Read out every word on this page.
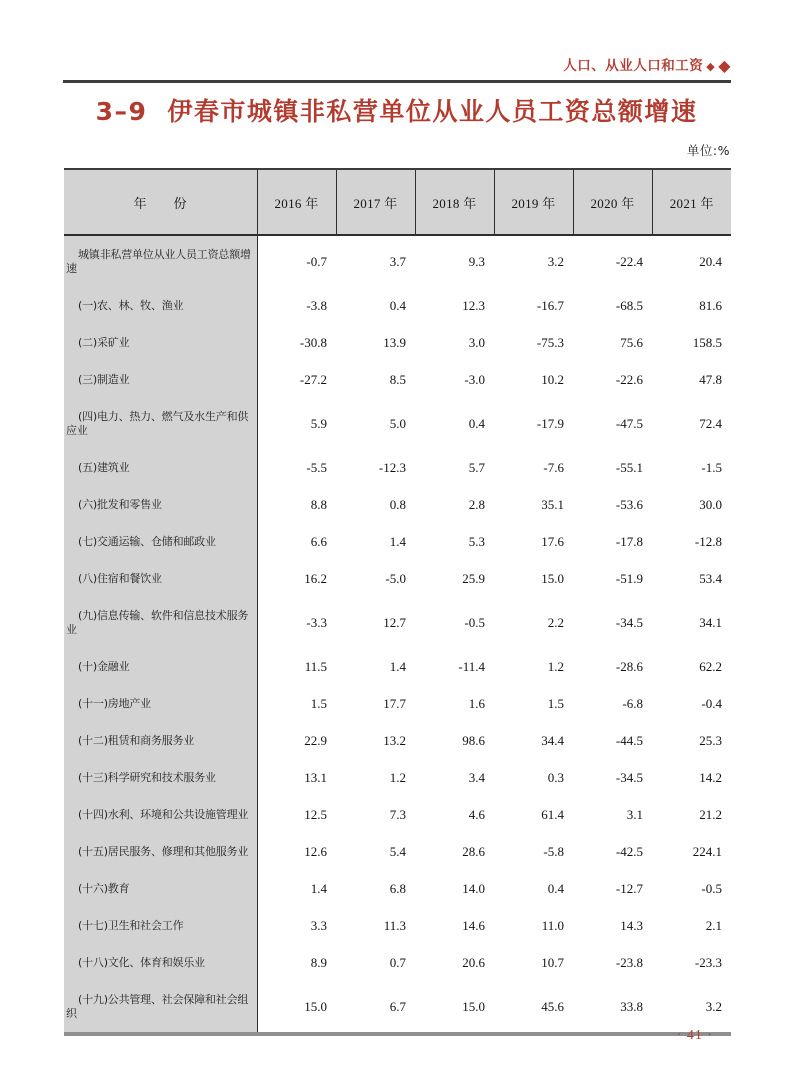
人口、从业人口和工资 ◆ ◆
3–9 伊春市城镇非私营单位从业人员工资总额增速
单位:%
年　　份	2016 年	2017 年	2018 年	2019 年	2020 年	2021 年
城镇非私营单位从业人员工资总额增速	-0.7	3.7	9.3	3.2	-22.4	20.4
(一)农、林、牧、渔业	-3.8	0.4	12.3	-16.7	-68.5	81.6
(二)采矿业	-30.8	13.9	3.0	-75.3	75.6	158.5
(三)制造业	-27.2	8.5	-3.0	10.2	-22.6	47.8
(四)电力、热力、燃气及水生产和供应业	5.9	5.0	0.4	-17.9	-47.5	72.4
(五)建筑业	-5.5	-12.3	5.7	-7.6	-55.1	-1.5
(六)批发和零售业	8.8	0.8	2.8	35.1	-53.6	30.0
(七)交通运输、仓储和邮政业	6.6	1.4	5.3	17.6	-17.8	-12.8
(八)住宿和餐饮业	16.2	-5.0	25.9	15.0	-51.9	53.4
(九)信息传输、软件和信息技术服务业	-3.3	12.7	-0.5	2.2	-34.5	34.1
(十)金融业	11.5	1.4	-11.4	1.2	-28.6	62.2
(十一)房地产业	1.5	17.7	1.6	1.5	-6.8	-0.4
(十二)租赁和商务服务业	22.9	13.2	98.6	34.4	-44.5	25.3
(十三)科学研究和技术服务业	13.1	1.2	3.4	0.3	-34.5	14.2
(十四)水利、环境和公共设施管理业	12.5	7.3	4.6	61.4	3.1	21.2
(十五)居民服务、修理和其他服务业	12.6	5.4	28.6	-5.8	-42.5	224.1
(十六)教育	1.4	6.8	14.0	0.4	-12.7	-0.5
(十七)卫生和社会工作	3.3	11.3	14.6	11.0	14.3	2.1
(十八)文化、体育和娱乐业	8.9	0.7	20.6	10.7	-23.8	-23.3
(十九)公共管理、社会保障和社会组织	15.0	6.7	15.0	45.6	33.8	3.2
· 41 ·
